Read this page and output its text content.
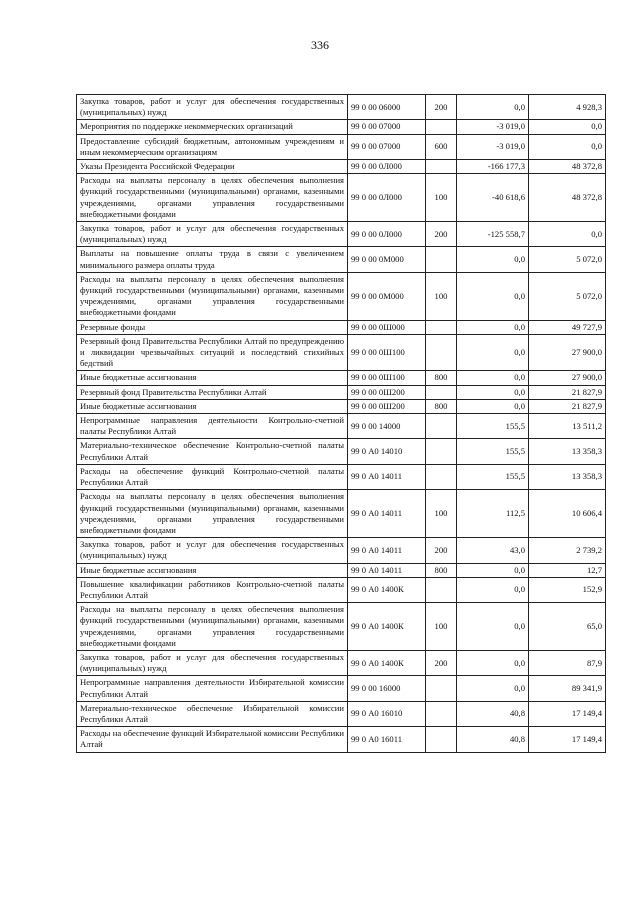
336
Закупка товаров, работ и услуг для обеспечения государственных (муниципальных) нужд	99 0 00 06000	200	0,0	4 928,3
Мероприятия по поддержке некоммерческих организаций	99 0 00 07000		-3 019,0	0,0
Предоставление субсидий бюджетным, автономным учреждениям и иным некоммерческим организациям	99 0 00 07000	600	-3 019,0	0,0
Указы Президента Российской Федерации	99 0 00 0Л000		-166 177,3	48 372,8
Расходы на выплаты персоналу в целях обеспечения выполнения функций государственными (муниципальными) органами, казенными учреждениями, органами управления государственными внебюджетными фондами	99 0 00 0Л000	100	-40 618,6	48 372,8
Закупка товаров, работ и услуг для обеспечения государственных (муниципальных) нужд	99 0 00 0Л000	200	-125 558,7	0,0
Выплаты на повышение оплаты труда в связи с увеличением минимального размера оплаты труда	99 0 00 0М000		0,0	5 072,0
Расходы на выплаты персоналу в целях обеспечения выполнения функций государственными (муниципальными) органами, казенными учреждениями, органами управления государственными внебюджетными фондами	99 0 00 0М000	100	0,0	5 072,0
Резервные фонды	99 0 00 0Ш000		0,0	49 727,9
Резервный фонд Правительства Республики Алтай по предупреждению и ликвидации чрезвычайных ситуаций и последствий стихийных бедствий	99 0 00 0Ш100		0,0	27 900,0
Иные бюджетные ассигнования	99 0 00 0Ш100	800	0,0	27 900,0
Резервный фонд Правительства Республики Алтай	99 0 00 0Ш200		0,0	21 827,9
Иные бюджетные ассигнования	99 0 00 0Ш200	800	0,0	21 827,9
Непрограммные направления деятельности Контрольно-счетной палаты Республики Алтай	99 0 00 14000		155,5	13 511,2
Материально-техническое обеспечение Контрольно-счетной палаты Республики Алтай	99 0 А0 14010		155,5	13 358,3
Расходы на обеспечение функций Контрольно-счетной палаты Республики Алтай	99 0 А0 14011		155,5	13 358,3
Расходы на выплаты персоналу в целях обеспечения выполнения функций государственными (муниципальными) органами, казенными учреждениями, органами управления государственными внебюджетными фондами	99 0 А0 14011	100	112,5	10 606,4
Закупка товаров, работ и услуг для обеспечения государственных (муниципальных) нужд	99 0 А0 14011	200	43,0	2 739,2
Иные бюджетные ассигнования	99 0 А0 14011	800	0,0	12,7
Повышение квалификации работников Контрольно-счетной палаты Республики Алтай	99 0 А0 1400К		0,0	152,9
Расходы на выплаты персоналу в целях обеспечения выполнения функций государственными (муниципальными) органами, казенными учреждениями, органами управления государственными внебюджетными фондами	99 0 А0 1400К	100	0,0	65,0
Закупка товаров, работ и услуг для обеспечения государственных (муниципальных) нужд	99 0 А0 1400К	200	0,0	87,9
Непрограммные направления деятельности Избирательной комиссии Республики Алтай	99 0 00 16000		0,0	89 341,9
Материально-техническое обеспечение Избирательной комиссии Республики Алтай	99 0 А0 16010		40,8	17 149,4
Расходы на обеспечение функций Избирательной комиссии Республики Алтай	99 0 А0 16011		40,8	17 149,4
